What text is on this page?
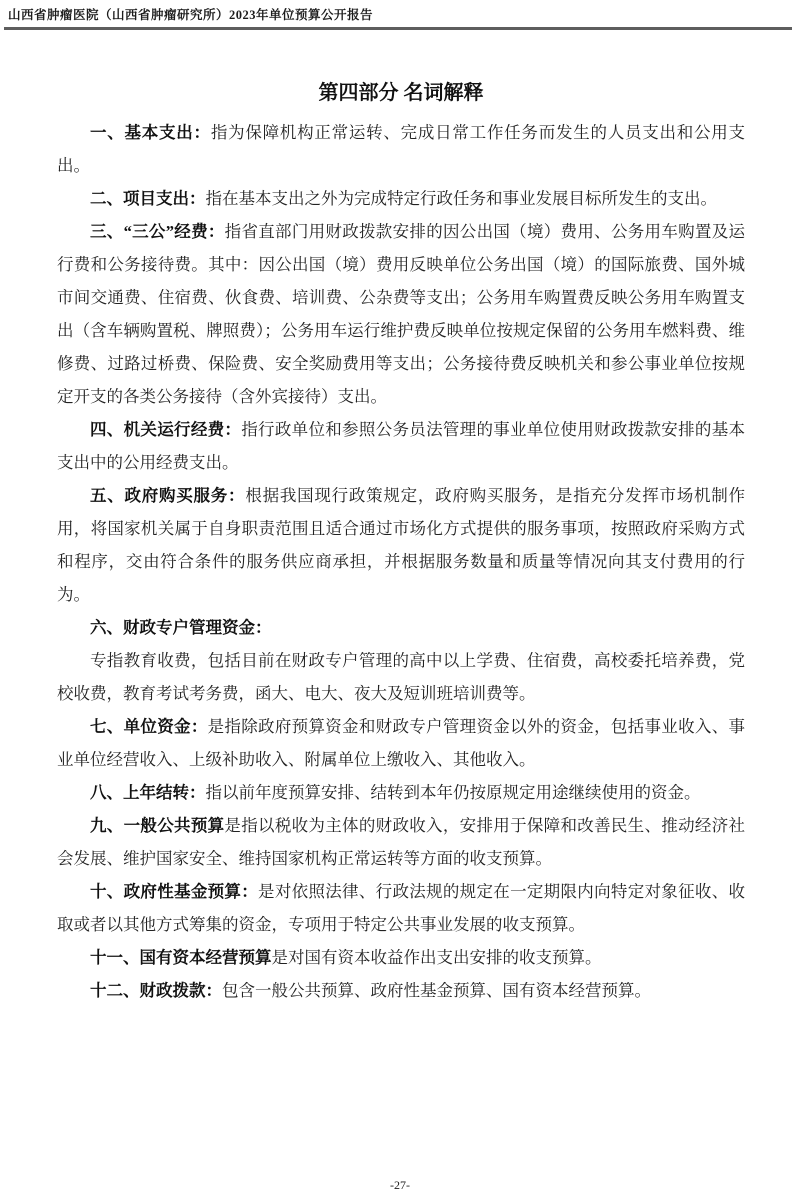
山西省肿瘤医院（山西省肿瘤研究所）2023年单位预算公开报告
第四部分 名词解释

一、基本支出：指为保障机构正常运转、完成日常工作任务而发生的人员支出和公用支出。

二、项目支出：指在基本支出之外为完成特定行政任务和事业发展目标所发生的支出。

三、“三公”经费：指省直部门用财政拨款安排的因公出国（境）费用、公务用车购置及运行费和公务接待费。其中：因公出国（境）费用反映单位公务出国（境）的国际旅费、国外城市间交通费、住宿费、伙食费、培训费、公杂费等支出；公务用车购置费反映公务用车购置支出（含车辆购置税、牌照费）；公务用车运行维护费反映单位按规定保留的公务用车燃料费、维修费、过路过桥费、保险费、安全奖励费用等支出；公务接待费反映机关和参公事业单位按规定开支的各类公务接待（含外宾接待）支出。

四、机关运行经费：指行政单位和参照公务员法管理的事业单位使用财政拨款安排的基本支出中的公用经费支出。

五、政府购买服务：根据我国现行政策规定，政府购买服务，是指充分发挥市场机制作用，将国家机关属于自身职责范围且适合通过市场化方式提供的服务事项，按照政府采购方式和程序，交由符合条件的服务供应商承担，并根据服务数量和质量等情况向其支付费用的行为。

六、财政专户管理资金：

专指教育收费，包括目前在财政专户管理的高中以上学费、住宿费，高校委托培养费，党校收费，教育考试考务费，函大、电大、夜大及短训班培训费等。

七、单位资金：是指除政府预算资金和财政专户管理资金以外的资金，包括事业收入、事业单位经营收入、上级补助收入、附属单位上缴收入、其他收入。

八、上年结转：指以前年度预算安排、结转到本年仍按原规定用途继续使用的资金。

九、一般公共预算是指以税收为主体的财政收入，安排用于保障和改善民生、推动经济社会发展、维护国家安全、维持国家机构正常运转等方面的收支预算。

十、政府性基金预算：是对依照法律、行政法规的规定在一定期限内向特定对象征收、收取或者以其他方式筹集的资金，专项用于特定公共事业发展的收支预算。

十一、国有资本经营预算是对国有资本收益作出支出安排的收支预算。

十二、财政拨款：包含一般公共预算、政府性基金预算、国有资本经营预算。

-27-
